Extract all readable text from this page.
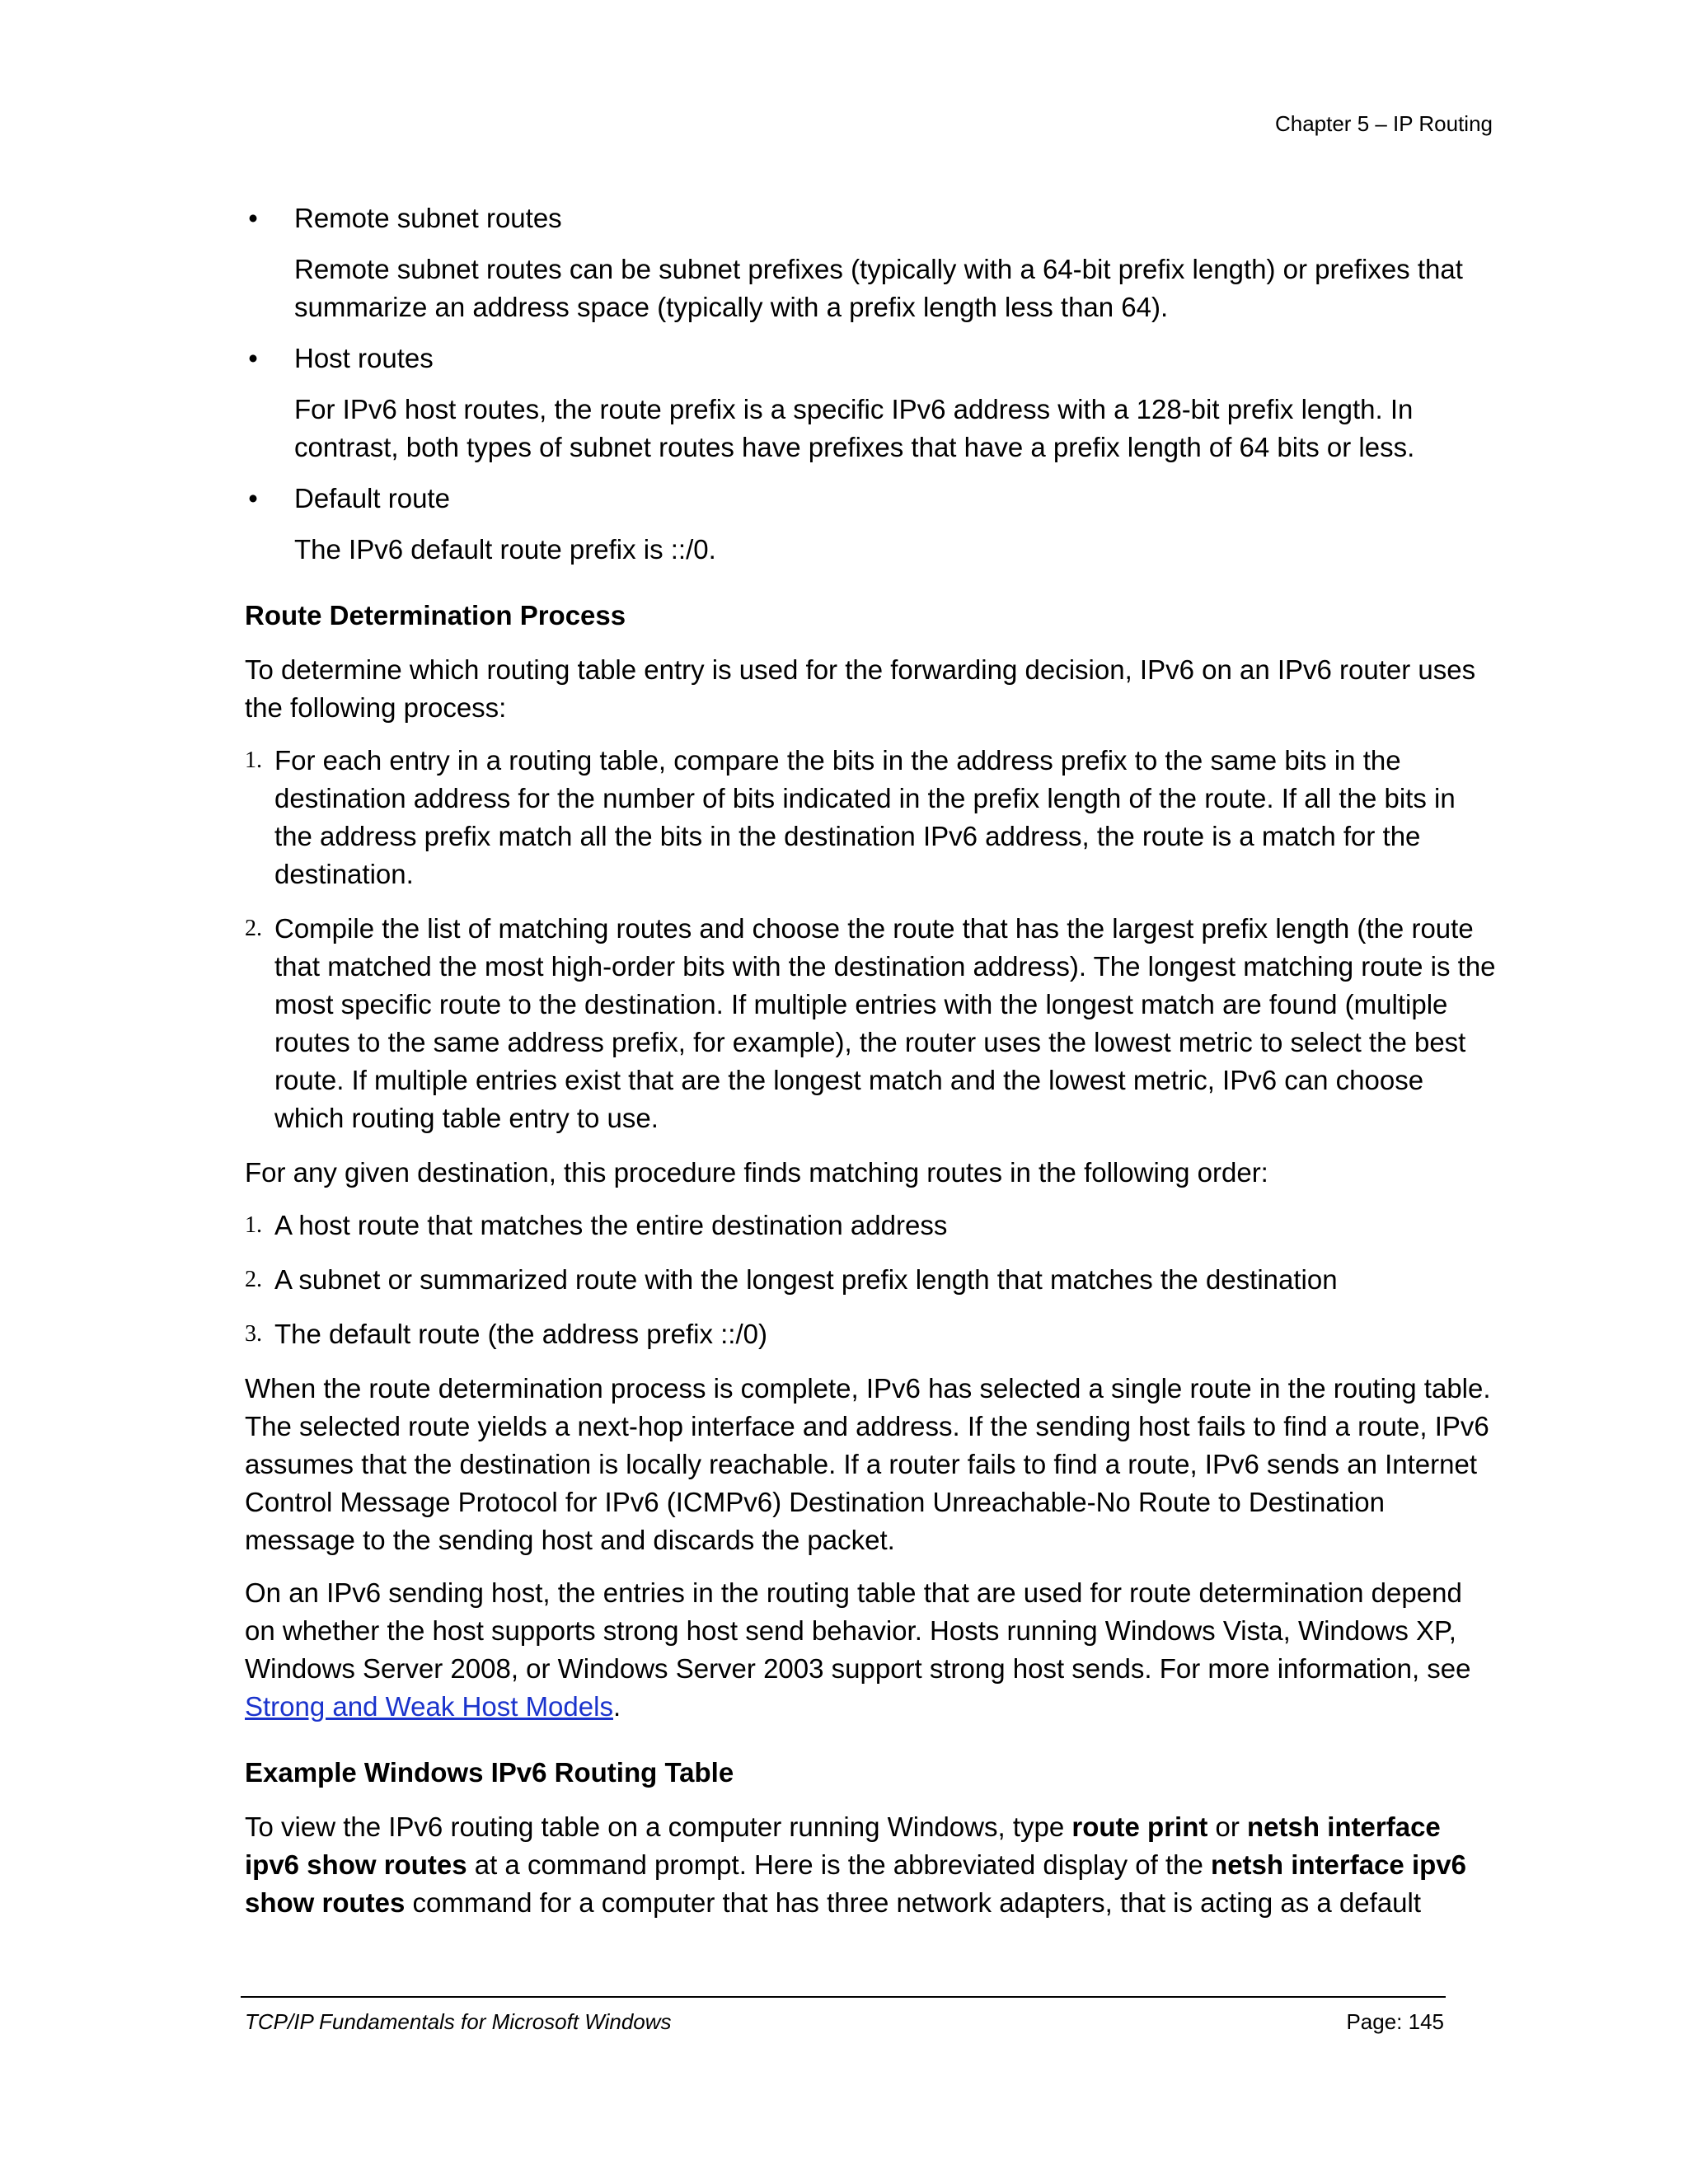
Chapter 5 – IP Routing
• Remote subnet routes

Remote subnet routes can be subnet prefixes (typically with a 64-bit prefix length) or prefixes that summarize an address space (typically with a prefix length less than 64).

• Host routes

For IPv6 host routes, the route prefix is a specific IPv6 address with a 128-bit prefix length. In contrast, both types of subnet routes have prefixes that have a prefix length of 64 bits or less.

• Default route

The IPv6 default route prefix is ::/0.

Route Determination Process

To determine which routing table entry is used for the forwarding decision, IPv6 on an IPv6 router uses the following process:

1. For each entry in a routing table, compare the bits in the address prefix to the same bits in the destination address for the number of bits indicated in the prefix length of the route. If all the bits in the address prefix match all the bits in the destination IPv6 address, the route is a match for the destination.
2. Compile the list of matching routes and choose the route that has the largest prefix length (the route that matched the most high-order bits with the destination address). The longest matching route is the most specific route to the destination. If multiple entries with the longest match are found (multiple routes to the same address prefix, for example), the router uses the lowest metric to select the best route. If multiple entries exist that are the longest match and the lowest metric, IPv6 can choose which routing table entry to use.

For any given destination, this procedure finds matching routes in the following order:

1. A host route that matches the entire destination address
2. A subnet or summarized route with the longest prefix length that matches the destination
3. The default route (the address prefix ::/0)

When the route determination process is complete, IPv6 has selected a single route in the routing table. The selected route yields a next-hop interface and address. If the sending host fails to find a route, IPv6 assumes that the destination is locally reachable. If a router fails to find a route, IPv6 sends an Internet Control Message Protocol for IPv6 (ICMPv6) Destination Unreachable-No Route to Destination message to the sending host and discards the packet.

On an IPv6 sending host, the entries in the routing table that are used for route determination depend on whether the host supports strong host send behavior. Hosts running Windows Vista, Windows XP, Windows Server 2008, or Windows Server 2003 support strong host sends. For more information, see Strong and Weak Host Models.

Example Windows IPv6 Routing Table

To view the IPv6 routing table on a computer running Windows, type route print or netsh interface ipv6 show routes at a command prompt. Here is the abbreviated display of the netsh interface ipv6 show routes command for a computer that has three network adapters, that is acting as a default

TCP/IP Fundamentals for Microsoft Windows	Page: 145
